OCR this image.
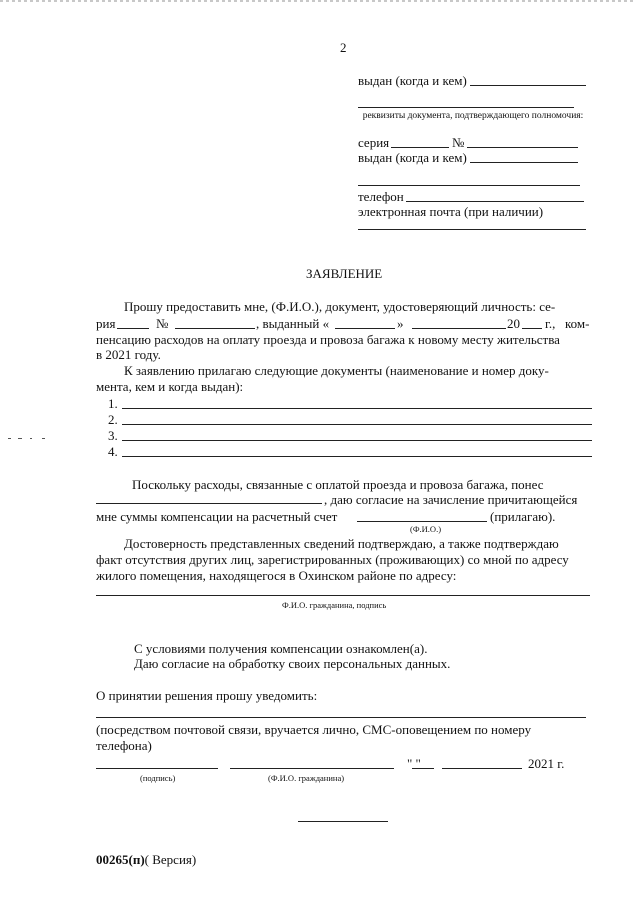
2
выдан (когда и кем)
реквизиты документа, подтверждающего полномочия:
серия	№
выдан (когда и кем)
телефон
электронная почта (при наличии)
ЗАЯВЛЕНИЕ
Прошу предоставить мне, (Ф.И.О.), документ, удостоверяющий личность: се-
рия	№	, выданный «	»	20 г., ком-
пенсацию расходов на оплату проезда и провоза багажа к новому месту жительства
в 2021 году.
К заявлению прилагаю следующие документы (наименование и номер доку-
мента, кем и когда выдан):
1.
2.
3.
4.
Поскольку расходы, связанные с оплатой проезда и провоза багажа, понес
, даю согласие на зачисление причитающейся
мне суммы компенсации на расчетный счет	(прилагаю).
(Ф.И.О.)
Достоверность представленных сведений подтверждаю, а также подтверждаю
факт отсутствия других лиц, зарегистрированных (проживающих) со мной по адресу
жилого помещения, находящегося в Охинском районе по адресу:
Ф.И.О. гражданина, подпись
С условиями получения компенсации ознакомлен(а).
Даю согласие на обработку своих персональных данных.
О принятии решения прошу уведомить:
(посредством почтовой связи, вручается лично, СМС-оповещением по номеру
телефона)
" "	2021 г.
(подпись)	(Ф.И.О. гражданина)
00265(п)( Версия)
